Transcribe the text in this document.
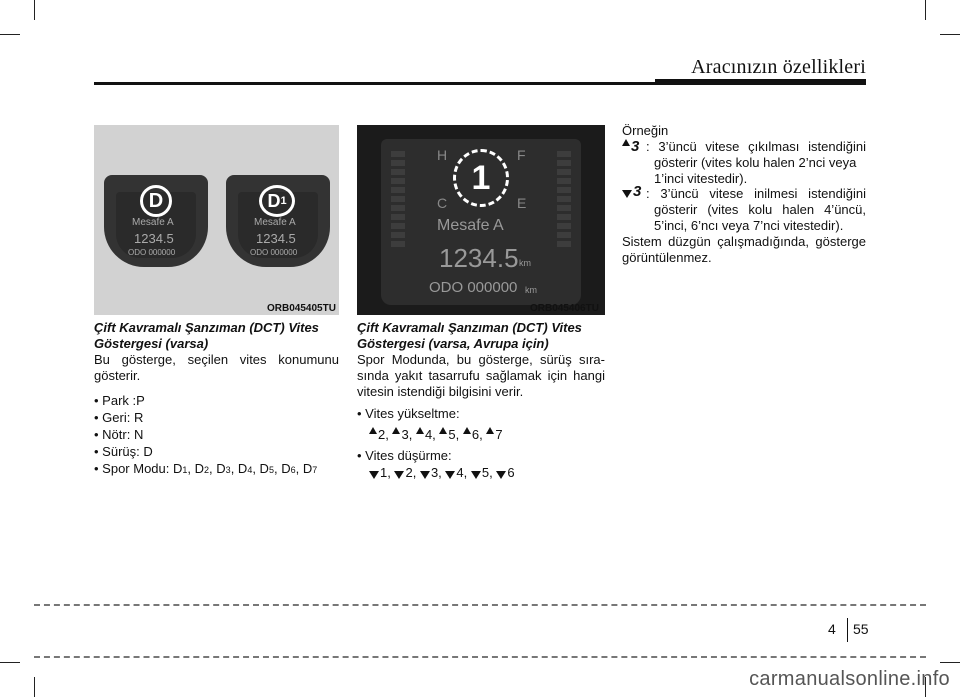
Aracınızın özellikleri
D
Mesafe A
1234.5
ODO 000000
D 1
Mesafe A
1234.5
ODO 000000
ORB045405TU
H
C
F
E
1
Mesafe A
1234.5 km
ODO 000000 km
ORB045406TU
Çift Kavramalı Şanzıman (DCT) Vites Göstergesi (varsa)
Bu gösterge, seçilen vites konumunu gösterir.
• Park :P
• Geri: R
• Nötr: N
• Sürüş: D
• Spor Modu: D1, D2, D3, D4, D5, D6, D7
Çift Kavramalı Şanzıman (DCT) Vites Göstergesi (varsa, Avrupa için)
Spor Modunda, bu gösterge, sürüş sıra-sında yakıt tasarrufu sağlamak için hangi vitesin istendiği bilgisini verir.
• Vites yükseltme:
2, 3, 4, 5, 6, 7
• Vites düşürme:
1, 2, 3, 4, 5, 6
Örneğin
3 : 3’üncü vitese çıkılması istendiğini
gösterir (vites kolu halen 2’nci veya
1’inci vitestedir).
3 : 3’üncü vitese inilmesi istendiğini
gösterir (vites kolu halen 4’üncü,
5’inci, 6’ncı veya 7’nci vitestedir).
Sistem düzgün çalışmadığında, gösterge görüntülenmez.
4 55
carmanualsonline.info
